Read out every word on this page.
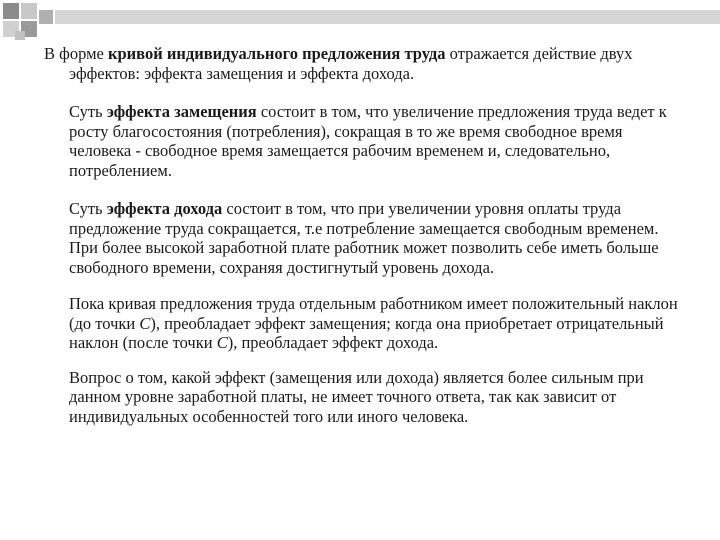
В форме кривой индивидуального предложения труда отражается действие двух эффектов: эффекта замещения и эффекта дохода.

Суть эффекта замещения состоит в том, что увеличение предложения труда ведет к росту благосостояния (потребления), сокращая в то же время свободное время человека - свободное время замещается рабочим временем и, следовательно, потреблением.

Суть эффекта дохода состоит в том, что при увеличении уровня оплаты труда предложение труда сокращается, т.е потребление замещается свободным временем. При более высокой заработной плате работник может позволить себе иметь больше свободного времени, сохраняя достигнутый уровень дохода.

Пока кривая предложения труда отдельным работником имеет положительный наклон (до точки С), преобладает эффект замещения; когда она приобретает отрицательный наклон (после точки С), преобладает эффект дохода.

Вопрос о том, какой эффект (замещения или дохода) является более сильным при данном уровне заработной платы, не имеет точного ответа, так как зависит от индивидуальных особенностей того или иного человека.
